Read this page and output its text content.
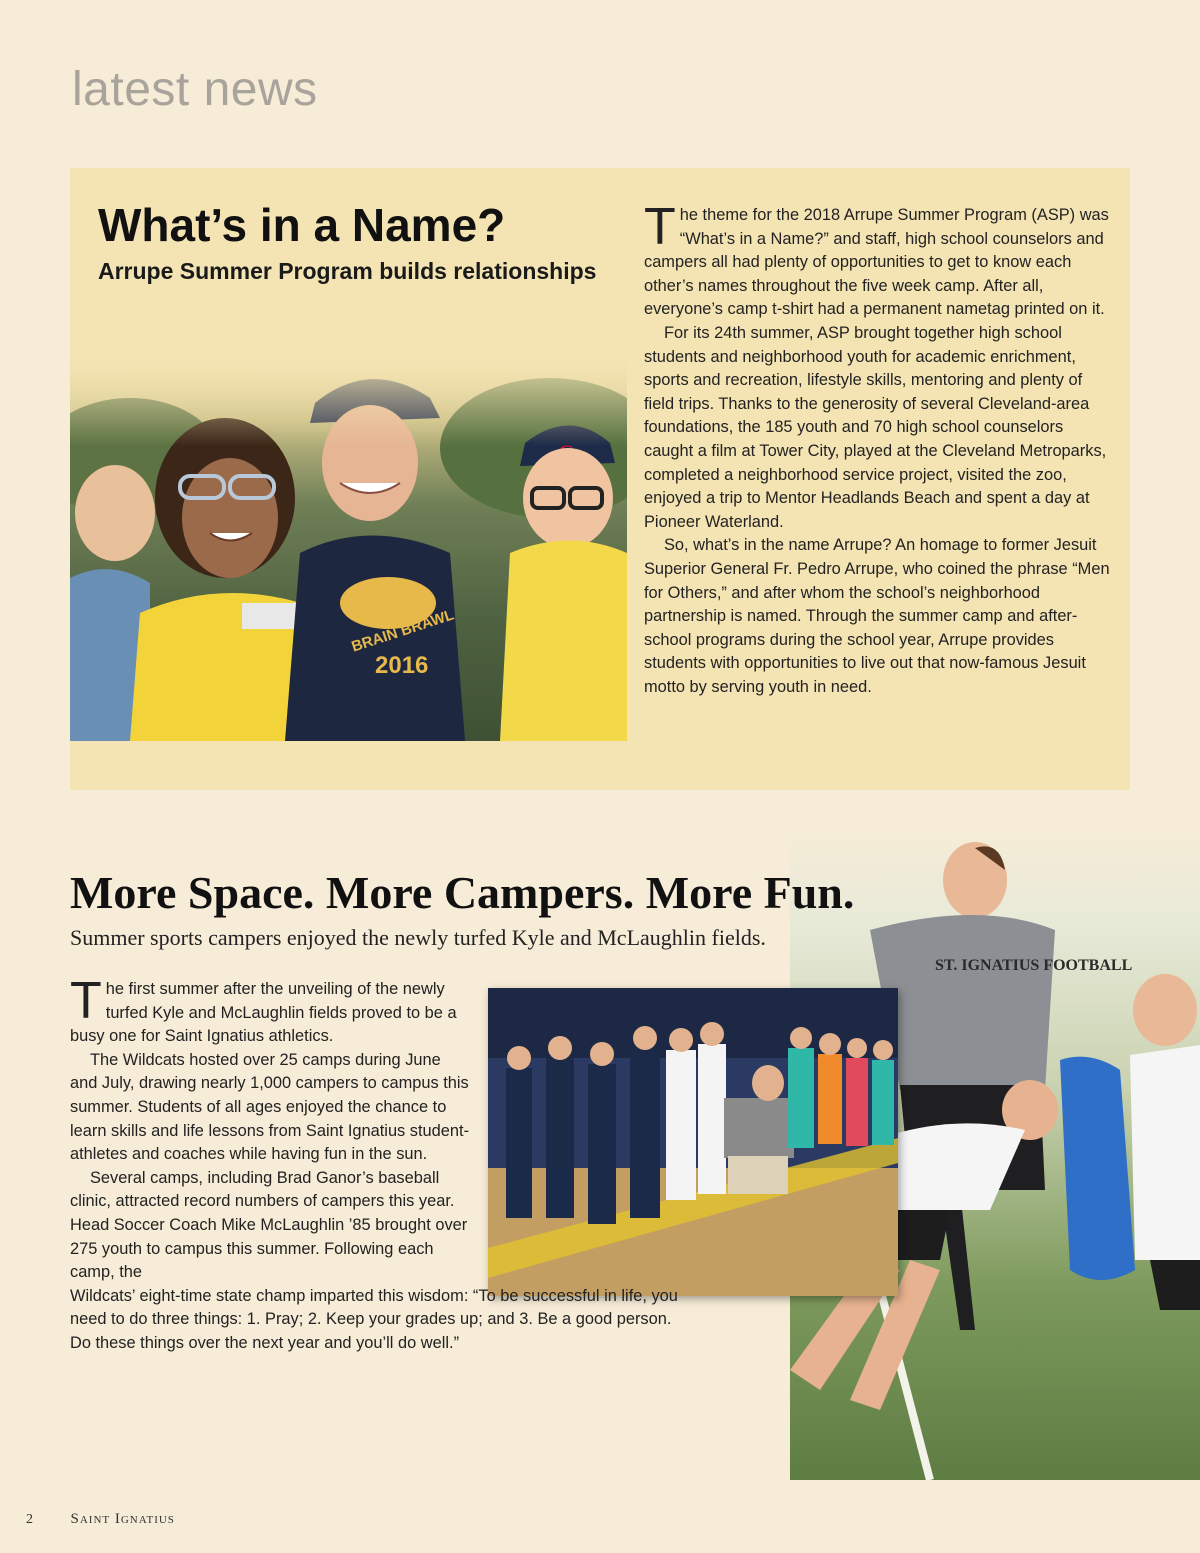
latest news
What’s in a Name?
Arrupe Summer Program builds relationships

The theme for the 2018 Arrupe Summer Program (ASP) was “What’s in a Name?” and staff, high school counselors and campers all had plenty of opportunities to get to know each other’s names throughout the five week camp. After all, everyone’s camp t-shirt had a permanent nametag printed on it.

For its 24th summer, ASP brought together high school students and neighborhood youth for academic enrichment, sports and recreation, lifestyle skills, mentoring and plenty of field trips. Thanks to the generosity of several Cleveland-area foundations, the 185 youth and 70 high school counselors caught a film at Tower City, played at the Cleveland Metroparks, completed a neighborhood service project, visited the zoo, enjoyed a trip to Mentor Headlands Beach and spent a day at Pioneer Waterland.

So, what’s in the name Arrupe? An homage to former Jesuit Superior General Fr. Pedro Arrupe, who coined the phrase “Men for Others,” and after whom the school’s neighborhood partnership is named. Through the summer camp and after-school programs during the school year, Arrupe provides students with opportunities to live out that now-famous Jesuit motto by serving youth in need.

ST. IGNATIUS FOOTBALL
More Space. More Campers. More Fun.
Summer sports campers enjoyed the newly turfed Kyle and McLaughlin fields.

The first summer after the unveiling of the newly turfed Kyle and McLaughlin fields proved to be a busy one for Saint Ignatius athletics.

The Wildcats hosted over 25 camps during June and July, drawing nearly 1,000 campers to campus this summer. Students of all ages enjoyed the chance to learn skills and life lessons from Saint Ignatius student-athletes and coaches while having fun in the sun.

Several camps, including Brad Ganor’s baseball clinic, attracted record numbers of campers this year. Head Soccer Coach Mike McLaughlin ’85 brought over 275 youth to campus this summer. Following each camp, the

Wildcats’ eight-time state champ imparted this wisdom: “To be successful in life, you need to do three things: 1. Pray; 2. Keep your grades up; and 3. Be a good person. Do these things over the next year and you’ll do well.”

2	Saint Ignatius
